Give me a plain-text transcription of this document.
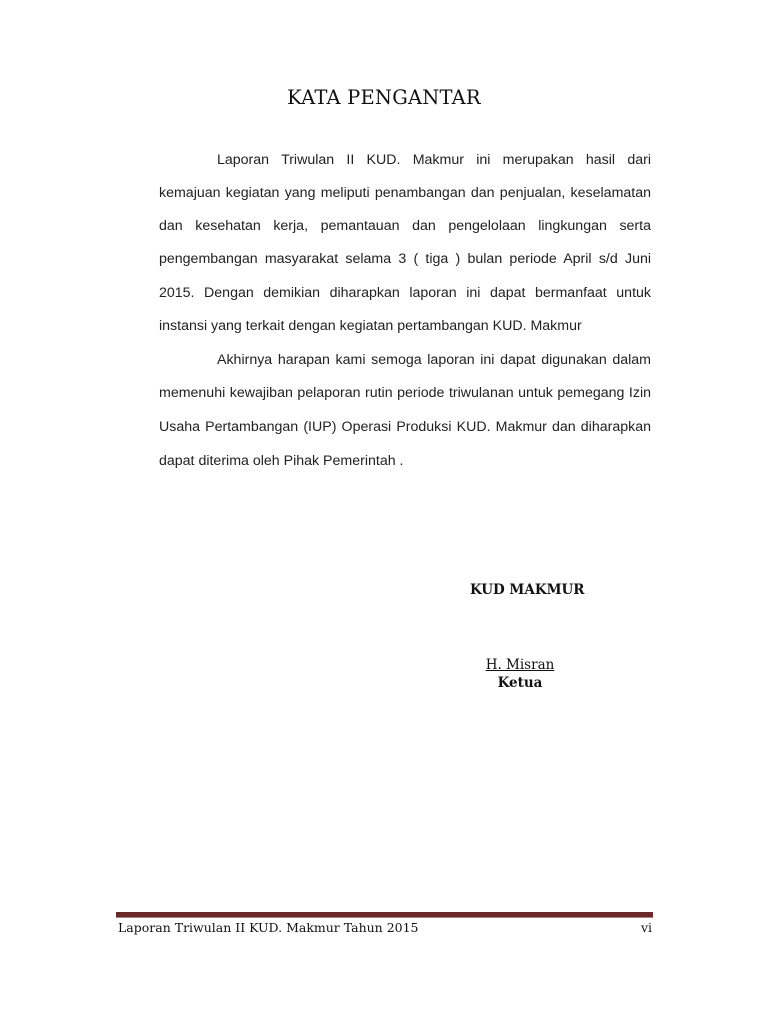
KATA PENGANTAR
Laporan Triwulan II KUD. Makmur ini merupakan hasil dari
kemajuan kegiatan yang meliputi penambangan dan penjualan, keselamatan
dan kesehatan kerja, pemantauan dan pengelolaan lingkungan serta
pengembangan masyarakat selama 3 ( tiga ) bulan periode April s/d Juni
2015. Dengan demikian diharapkan laporan ini dapat bermanfaat untuk
instansi yang terkait dengan kegiatan pertambangan KUD. Makmur
Akhirnya harapan kami semoga laporan ini dapat digunakan dalam
memenuhi kewajiban pelaporan rutin periode triwulanan untuk pemegang Izin
Usaha Pertambangan (IUP) Operasi Produksi KUD. Makmur dan diharapkan
dapat diterima oleh Pihak Pemerintah .
KUD MAKMUR
H. Misran
Ketua
Laporan Triwulan II KUD. Makmur Tahun 2015	vi
